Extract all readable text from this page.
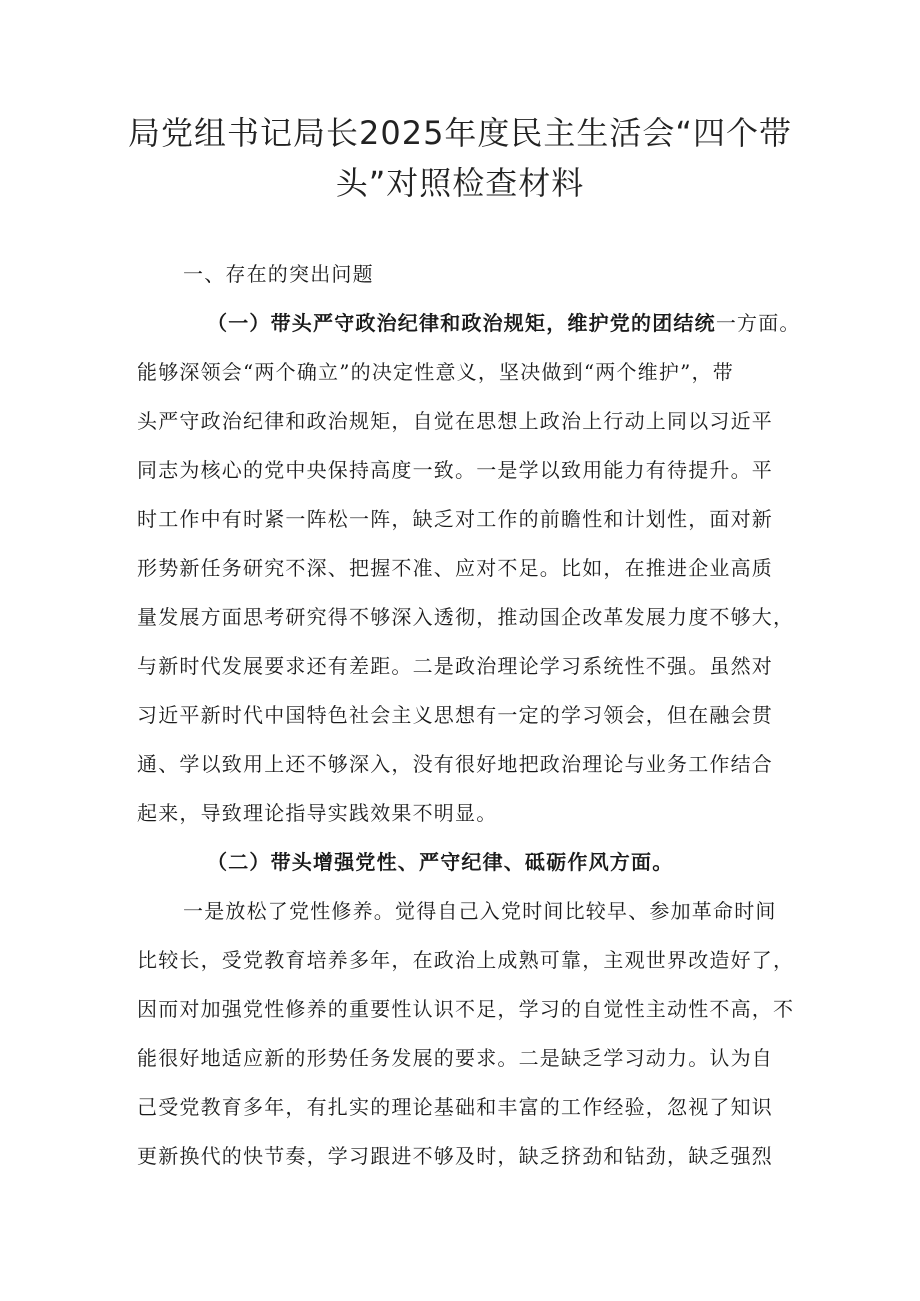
局党组书记局长2025年度民主生活会“四个带
头”对照检查材料
一、存在的突出问题
（一）带头严守政治纪律和政治规矩，维护党的团结统一方面。
能够深领会“两个确立”的决定性意义，坚决做到“两个维护”，带
头严守政治纪律和政治规矩，自觉在思想上政治上行动上同以习近平
同志为核心的党中央保持高度一致。一是学以致用能力有待提升。平
时工作中有时紧一阵松一阵，缺乏对工作的前瞻性和计划性，面对新
形势新任务研究不深、把握不准、应对不足。比如，在推进企业高质
量发展方面思考研究得不够深入透彻，推动国企改革发展力度不够大，
与新时代发展要求还有差距。二是政治理论学习系统性不强。虽然对
习近平新时代中国特色社会主义思想有一定的学习领会，但在融会贯
通、学以致用上还不够深入，没有很好地把政治理论与业务工作结合
起来，导致理论指导实践效果不明显。
（二）带头增强党性、严守纪律、砥砺作风方面。
一是放松了党性修养。觉得自己入党时间比较早、参加革命时间
比较长，受党教育培养多年，在政治上成熟可靠，主观世界改造好了，
因而对加强党性修养的重要性认识不足，学习的自觉性主动性不高，不
能很好地适应新的形势任务发展的要求。二是缺乏学习动力。认为自
己受党教育多年，有扎实的理论基础和丰富的工作经验，忽视了知识
更新换代的快节奏，学习跟进不够及时，缺乏挤劲和钻劲，缺乏强烈
